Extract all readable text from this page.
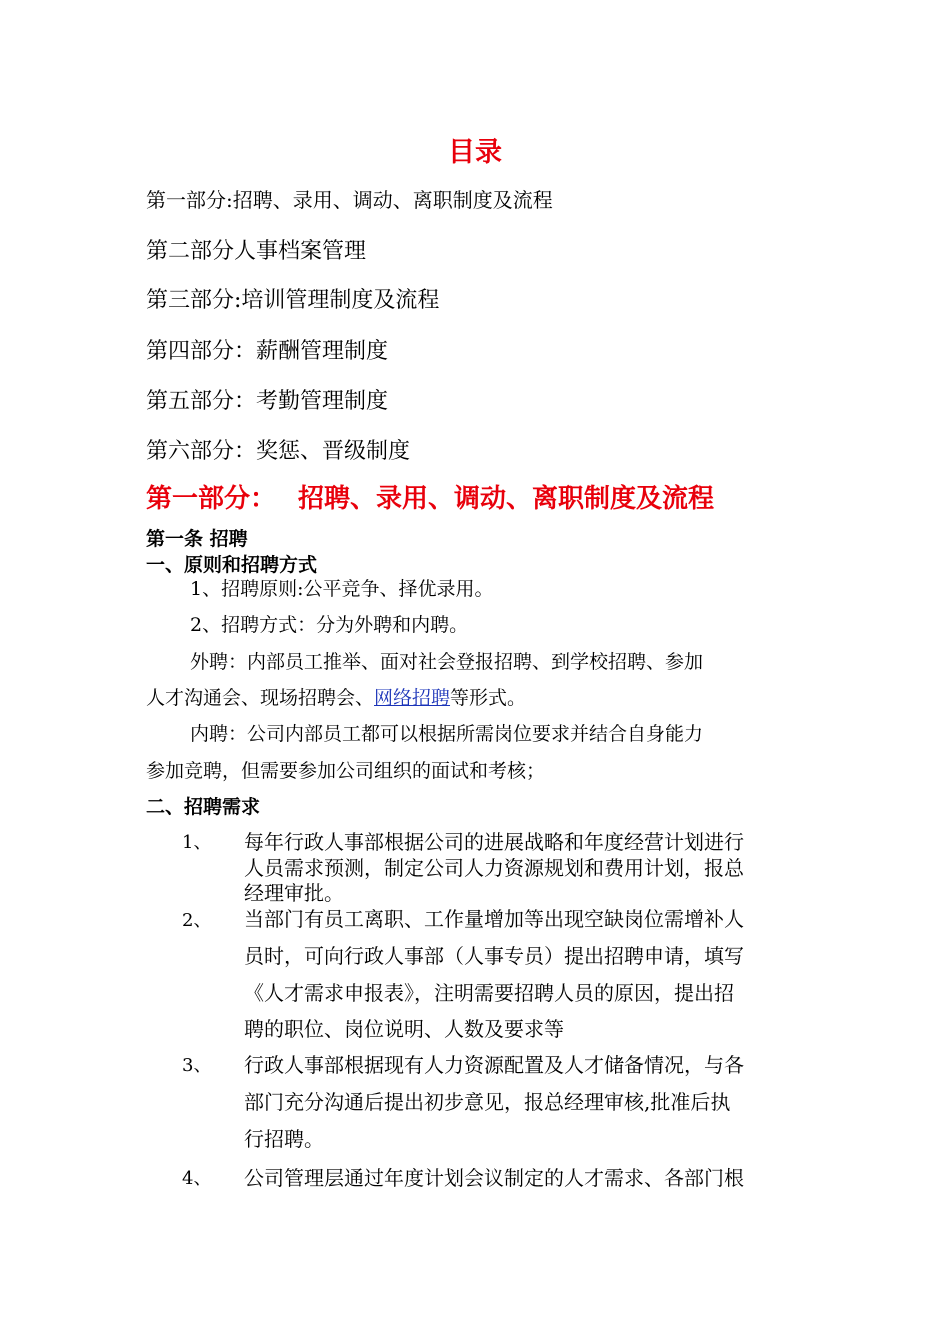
目录
第一部分:招聘、录用、调动、离职制度及流程
第二部分人事档案管理
第三部分:培训管理制度及流程
第四部分：薪酬管理制度
第五部分：考勤管理制度
第六部分：奖惩、晋级制度
第一部分： 招聘、录用、调动、离职制度及流程
第一条 招聘
一、原则和招聘方式
1、招聘原则:公平竞争、择优录用。
2、招聘方式：分为外聘和内聘。
外聘：内部员工推举、面对社会登报招聘、到学校招聘、参加
人才沟通会、现场招聘会、网络招聘等形式。
内聘：公司内部员工都可以根据所需岗位要求并结合自身能力
参加竞聘，但需要参加公司组织的面试和考核；
二、招聘需求
1、 每年行政人事部根据公司的进展战略和年度经营计划进行
人员需求预测，制定公司人力资源规划和费用计划，报总
经理审批。
2、 当部门有员工离职、工作量增加等出现空缺岗位需增补人
员时，可向行政人事部（人事专员）提出招聘申请，填写
《人才需求申报表》，注明需要招聘人员的原因，提出招
聘的职位、岗位说明、人数及要求等
3、 行政人事部根据现有人力资源配置及人才储备情况，与各
部门充分沟通后提出初步意见，报总经理审核,批准后执
行招聘。
4、 公司管理层通过年度计划会议制定的人才需求、各部门根
